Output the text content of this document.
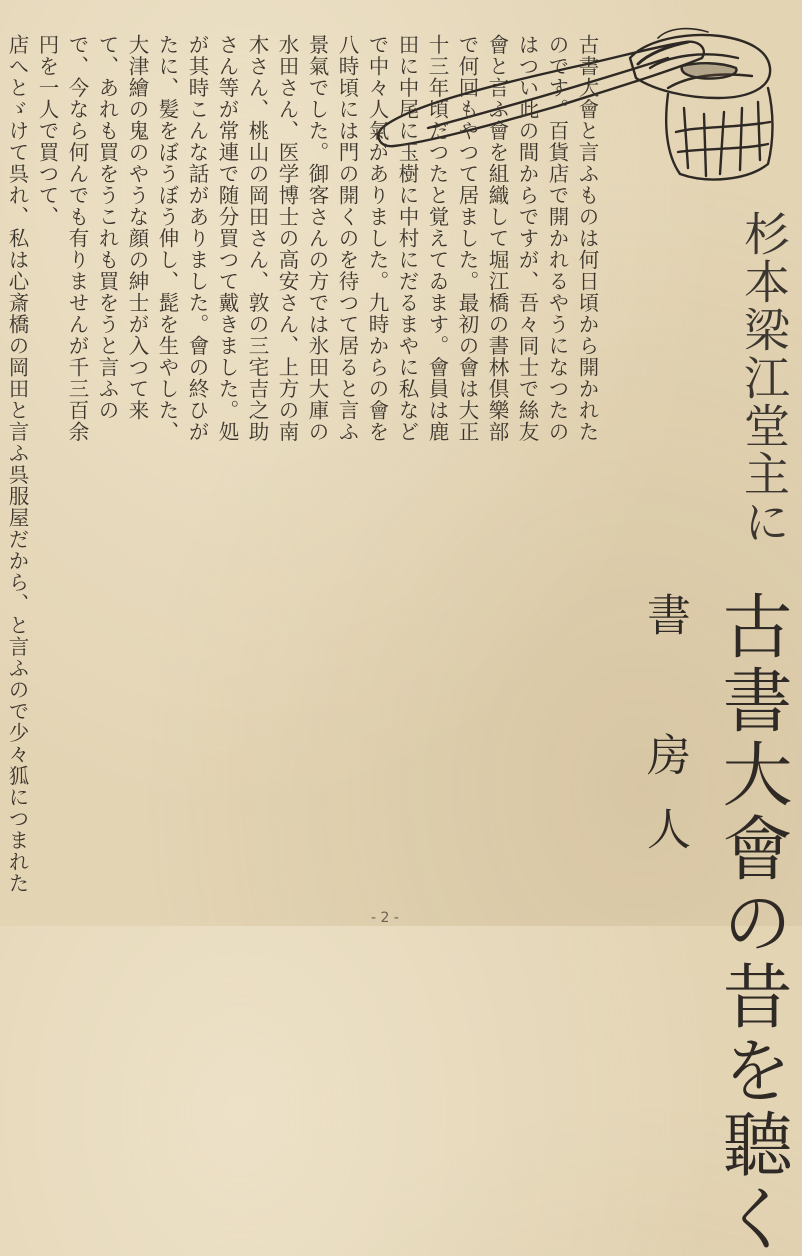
杉本梁江堂主に
古書大會の昔を聽く
書
房人

古書大會と言ふものは何日頃から開かれたのです。百貨店で開かれるやうになつたのはつい此の間からですが、吾々同士で絲友會と言ふ會を組織して堀江橋の書林倶樂部で何回もやつて居ました。最初の會は大正十三年頃だつたと覚えてゐます。會員は鹿田に中尾に玉樹に中村にだるまやに私などで中々人氣がありました。九時からの會を八時頃には門の開くのを待つて居ると言ふ景氣でした。御客さんの方では氷田大庫の水田さん、医学博士の高安さん、上方の南木さん、桃山の岡田さん、敦の三宅吉之助さん等が常連で随分買つて戴きました。処が其時こんな話がありました。會の終ひがたに、髪をぼうぼう伸し、髭を生やした、大津繪の鬼のやうな顔の紳士が入つて来て、あれも買をうこれも買をうと言ふので、今なら何んでも有りませんが千三百余円を一人で買つて、

店へとゞけて呉れ、私は心斎橋の岡田と言ふ呉服屋だから、と言ふので少々狐につまれた

- 2 -
